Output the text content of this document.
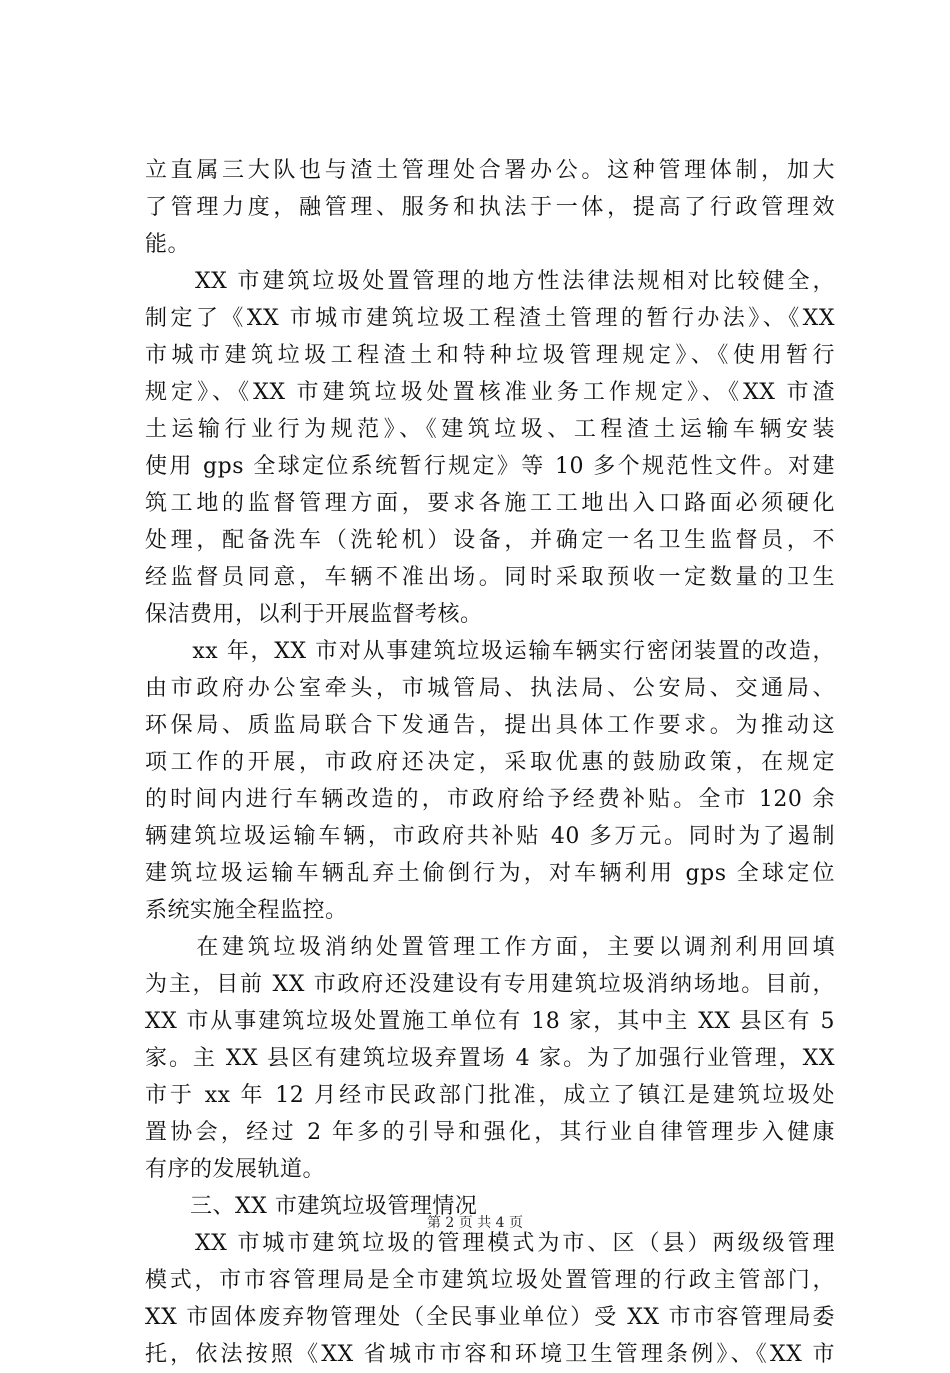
立直属三大队也与渣土管理处合署办公。这种管理体制，加大
了管理力度，融管理、服务和执法于一体，提高了行政管理效
能。
　　XX 市建筑垃圾处置管理的地方性法律法规相对比较健全，
制定了《XX 市城市建筑垃圾工程渣土管理的暂行办法》、《XX
市城市建筑垃圾工程渣土和特种垃圾管理规定》、《使用暂行
规定》、《XX 市建筑垃圾处置核准业务工作规定》、《XX 市渣
土运输行业行为规范》、《建筑垃圾、工程渣土运输车辆安装
使用 gps 全球定位系统暂行规定》等 10 多个规范性文件。对建
筑工地的监督管理方面，要求各施工工地出入口路面必须硬化
处理，配备洗车（洗轮机）设备，并确定一名卫生监督员，不
经监督员同意，车辆不准出场。同时采取预收一定数量的卫生
保洁费用，以利于开展监督考核。
　　xx 年，XX 市对从事建筑垃圾运输车辆实行密闭装置的改造，
由市政府办公室牵头，市城管局、执法局、公安局、交通局、
环保局、质监局联合下发通告，提出具体工作要求。为推动这
项工作的开展，市政府还决定，采取优惠的鼓励政策，在规定
的时间内进行车辆改造的，市政府给予经费补贴。全市 120 余
辆建筑垃圾运输车辆，市政府共补贴 40 多万元。同时为了遏制
建筑垃圾运输车辆乱弃土偷倒行为，对车辆利用 gps 全球定位
系统实施全程监控。
　　在建筑垃圾消纳处置管理工作方面，主要以调剂利用回填
为主，目前 XX 市政府还没建设有专用建筑垃圾消纳场地。目前，
XX 市从事建筑垃圾处置施工单位有 18 家，其中主 XX 县区有 5
家。主 XX 县区有建筑垃圾弃置场 4 家。为了加强行业管理，XX
市于 xx 年 12 月经市民政部门批准，成立了镇江是建筑垃圾处
置协会，经过 2 年多的引导和强化，其行业自律管理步入健康
有序的发展轨道。
　　三、XX 市建筑垃圾管理情况
　　XX 市城市建筑垃圾的管理模式为市、区（县）两级级管理
模式，市市容管理局是全市建筑垃圾处置管理的行政主管部门，
XX 市固体废弃物管理处（全民事业单位）受 XX 市市容管理局委
托，依法按照《XX 省城市市容和环境卫生管理条例》、《XX 市
第 2 页 共 4 页
